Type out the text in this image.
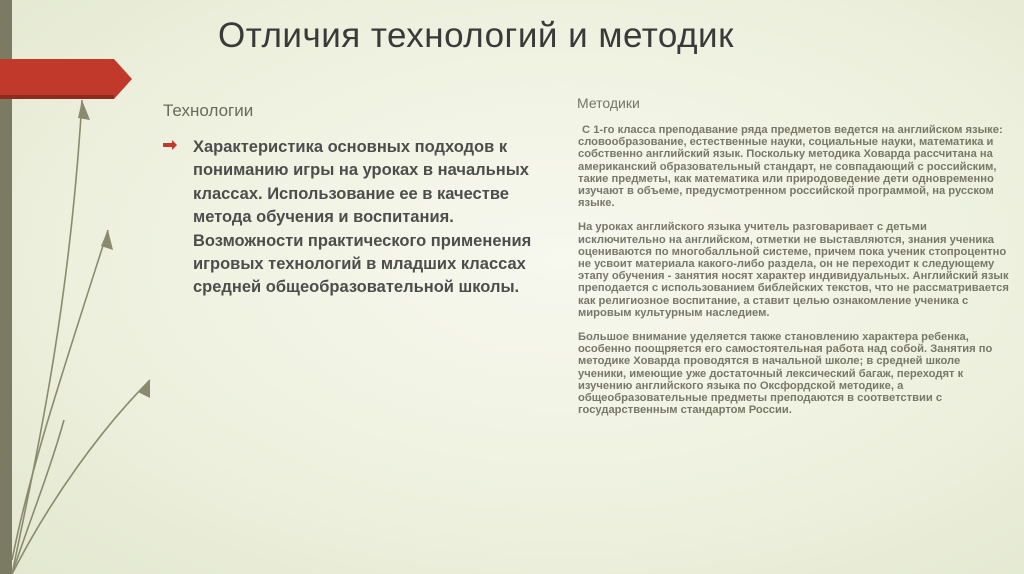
Отличия технологий и методик
Технологии
Характеристика основных подходов к пониманию игры на уроках в начальных классах. Использование ее в качестве метода обучения и воспитания. Возможности практического применения игровых технологий в младших классах средней общеобразовательной школы.
Методики

С 1-го класса преподавание ряда предметов ведется на английском языке: словообразование, естественные науки, социальные науки, математика и собственно английский язык. Поскольку методика Ховарда рассчитана на американский образовательный стандарт, не совпадающий с российским, такие предметы, как математика или природоведение дети одновременно изучают в объеме, предусмотренном российской программой, на русском языке.

На уроках английского языка учитель разговаривает с детьми исключительно на английском, отметки не выставляются, знания ученика оцениваются по многобалльной системе, причем пока ученик стопроцентно не усвоит материала какого-либо раздела, он не переходит к следующему этапу обучения - занятия носят характер индивидуальных. Английский язык преподается с использованием библейских текстов, что не рассматривается как религиозное воспитание, а ставит целью ознакомление ученика с мировым культурным наследием.

Большое внимание уделяется также становлению характера ребенка, особенно поощряется его самостоятельная работа над собой. Занятия по методике Ховарда проводятся в начальной школе; в средней школе ученики, имеющие уже достаточный лексический багаж, переходят к изучению английского языка по Оксфордской методике, а общеобразовательные предметы преподаются в соответствии с государственным стандартом России.
